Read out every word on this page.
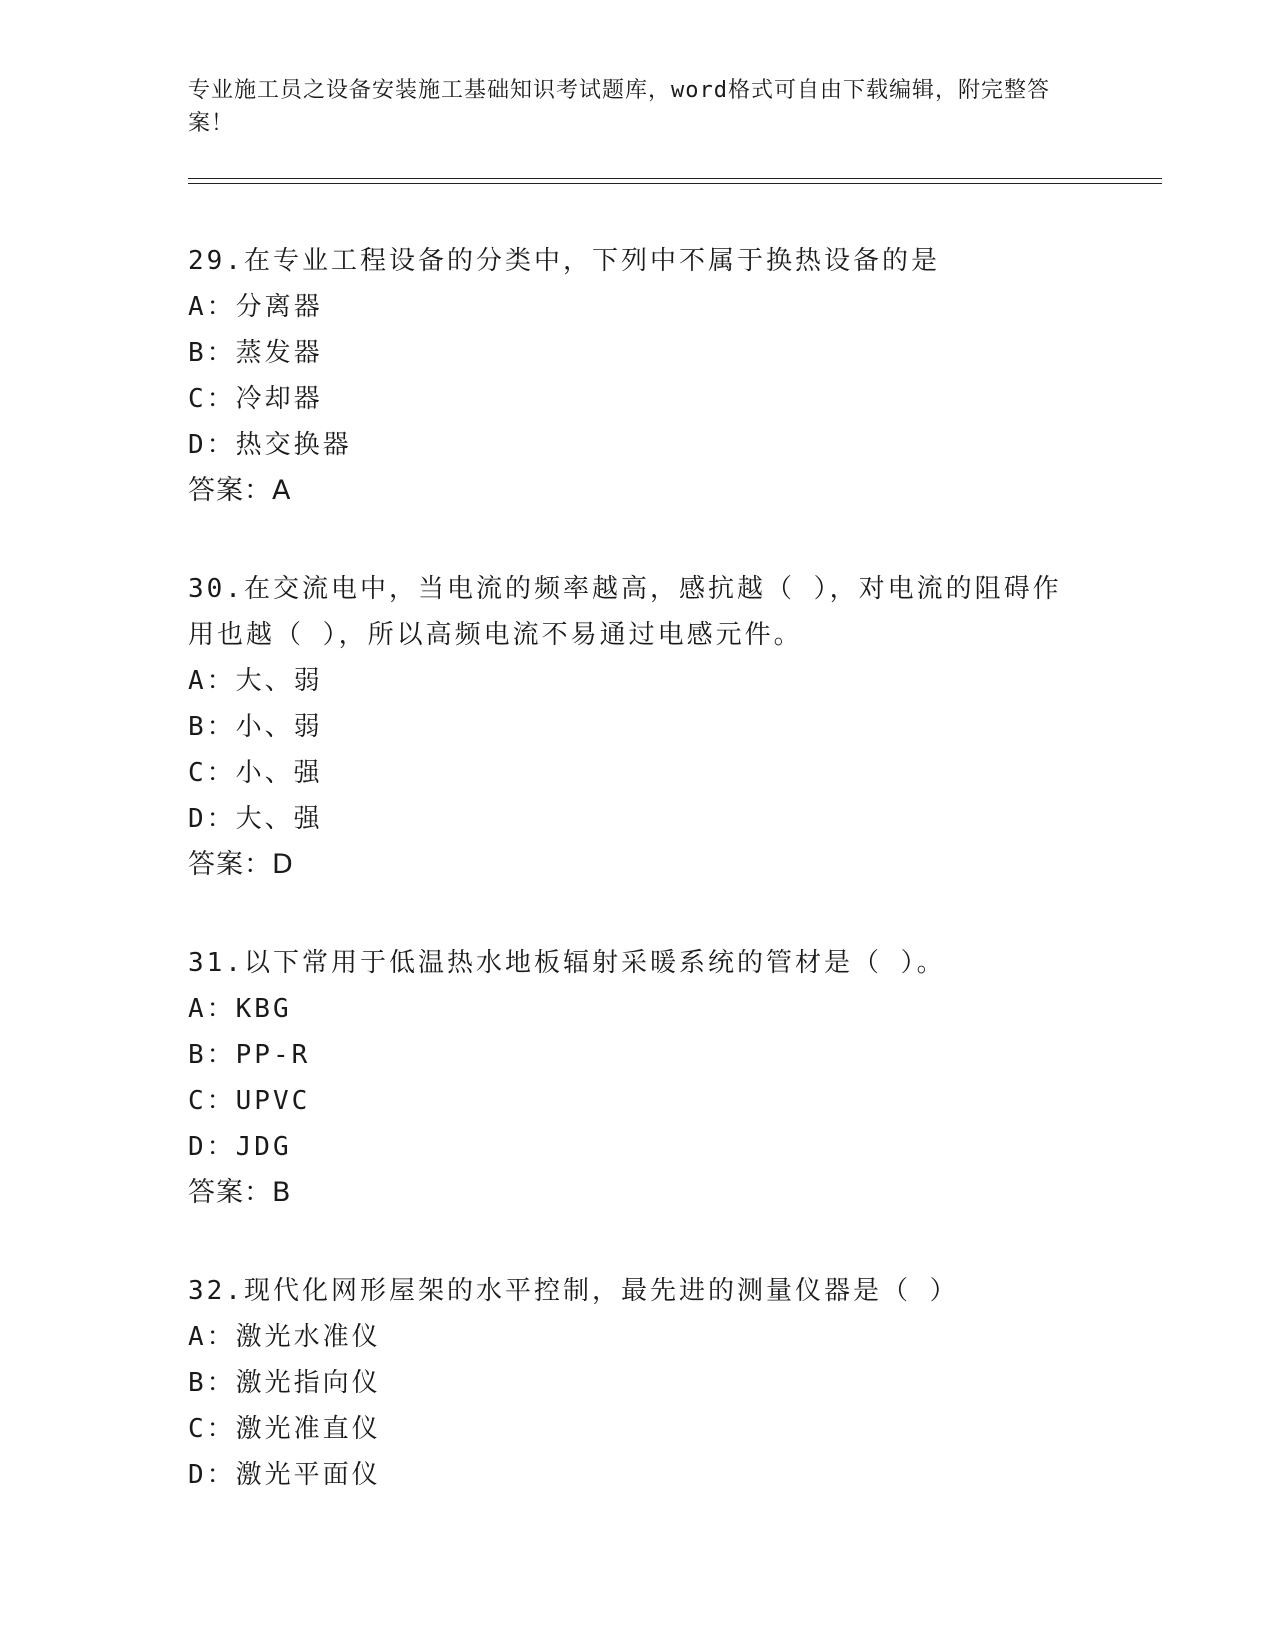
专业施工员之设备安装施工基础知识考试题库，word格式可自由下载编辑，附完整答案！
29.在专业工程设备的分类中，下列中不属于换热设备的是
A：分离器
B：蒸发器
C：冷却器
D：热交换器
答案：A
30.在交流电中，当电流的频率越高，感抗越（ ），对电流的阻碍作用也越（ ），所以高频电流不易通过电感元件。
A：大、弱
B：小、弱
C：小、强
D：大、强
答案：D
31.以下常用于低温热水地板辐射采暖系统的管材是（ ）。
A：KBG
B：PP-R
C：UPVC
D：JDG
答案：B
32.现代化网形屋架的水平控制，最先进的测量仪器是（ ）
A：激光水准仪
B：激光指向仪
C：激光准直仪
D：激光平面仪
